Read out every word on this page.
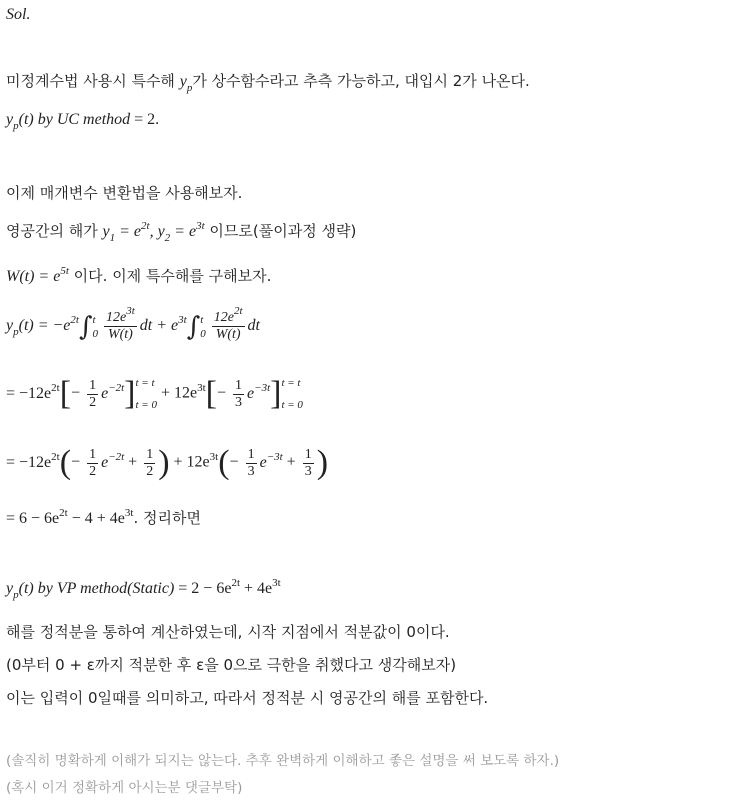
Sol.
미정계수법 사용시 특수해 $y_p$가 상수함수라고 추측 가능하고, 대입시 2가 나온다.
$y_p(t)$ by UC method = 2.
이제 매개변수 변환법을 사용해보자.
영공간의 해가 $y_1 = e^{2t}$, $y_2 = e^{3t}$ 이므로(풀이과정 생략)
$W(t) = e^{5t}$ 이다. 이제 특수해를 구해보자.
$y_p(t) = -e^{2t}\int t$
$0 \frac{12e^{3t}}{W(t)}$ dt + $e^{3t}\int t$
$0 \frac{12e^{2t}}{W(t)}$ dt
= $-12e^{2t}[- \frac{1}{2} e^{-2t}]t = t$
$t = 0 + 12e^{3t}[- \frac{1}{3} e^{-3t}]t = t$
t = 0
= $-12e^{2t}(- \frac{1}{2} e^{-2t} + \frac{1}{2}$ ) + $12e^{3t}(- \frac{1}{3} e^{-3t} + \frac{1}{3}$ )
= $6 - 6e^{2t} - 4 + 4e^{3t}$. 정리하면
$y_p(t)$ by VP method(Static) = $2 - 6e^{2t} + 4e^{3t}$
해를 정적분을 통하여 계산하였는데, 시작 지점에서 적분값이 0이다.
(0부터 0 + ε까지 적분한 후 ε을 0으로 극한을 취했다고 생각해보자)
이는 입력이 0일때를 의미하고, 따라서 정적분 시 영공간의 해를 포함한다.
(솔직히 명확하게 이해가 되지는 않는다. 추후 완벽하게 이해하고 좋은 설명을 써 보도록 하자.)
(혹시 이거 정확하게 아시는분 댓글부탁)
